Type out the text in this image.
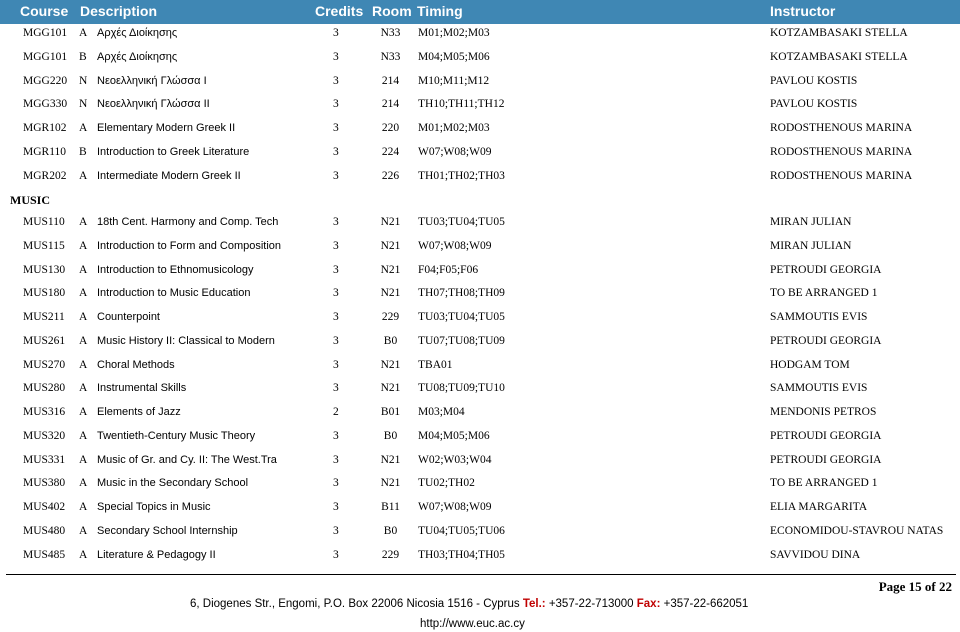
Course Description	Credits Room Timing	Instructor
MGG101 A Αρχές Διοίκησης	3	N33	M01;M02;M03	KOTZAMBASAKI STELLA
MGG101 B Αρχές Διοίκησης	3	N33	M04;M05;M06	KOTZAMBASAKI STELLA
MGG220 N Νεοελληνική Γλώσσα I	3	214	M10;M11;M12	PAVLOU KOSTIS
MGG330 N Νεοελληνική Γλώσσα II	3	214	TH10;TH11;TH12	PAVLOU KOSTIS
MGR102 A Elementary Modern Greek II	3	220	M01;M02;M03	RODOSTHENOUS MARINA
MGR110 B Introduction to Greek Literature	3	224	W07;W08;W09	RODOSTHENOUS MARINA
MGR202 A Intermediate Modern Greek II	3	226	TH01;TH02;TH03	RODOSTHENOUS MARINA
MUSIC
MUS110 A 18th Cent. Harmony and Comp. Tech	3	N21	TU03;TU04;TU05	MIRAN JULIAN
MUS115 A Introduction to Form and Composition	3	N21	W07;W08;W09	MIRAN JULIAN
MUS130 A Introduction to Ethnomusicology	3	N21	F04;F05;F06	PETROUDI GEORGIA
MUS180 A Introduction to Music Education	3	N21	TH07;TH08;TH09	TO BE ARRANGED 1
MUS211 A Counterpoint	3	229	TU03;TU04;TU05	SAMMOUTIS EVIS
MUS261 A Music History II: Classical to Modern	3	B0	TU07;TU08;TU09	PETROUDI GEORGIA
MUS270 A Choral Methods	3	N21	TBA01	HODGAM TOM
MUS280 A Instrumental Skills	3	N21	TU08;TU09;TU10	SAMMOUTIS EVIS
MUS316 A Elements of Jazz	2	B01	M03;M04	MENDONIS PETROS
MUS320 A Twentieth-Century Music Theory	3	B0	M04;M05;M06	PETROUDI GEORGIA
MUS331 A Music of Gr. and Cy. II: The West.Tra	3	N21	W02;W03;W04	PETROUDI GEORGIA
MUS380 A Music in the Secondary School	3	N21	TU02;TH02	TO BE ARRANGED 1
MUS402 A Special Topics in Music	3	B11	W07;W08;W09	ELIA MARGARITA
MUS480 A Secondary School Internship	3	B0	TU04;TU05;TU06	ECONOMIDOU-STAVROU NATAS
MUS485 A Literature & Pedagogy II	3	229	TH03;TH04;TH05	SAVVIDOU DINA
Page 15 of 22
6, Diogenes Str., Engomi, P.O. Box 22006 Nicosia 1516 - Cyprus Tel.: +357-22-713000 Fax: +357-22-662051
http://www.euc.ac.cy
